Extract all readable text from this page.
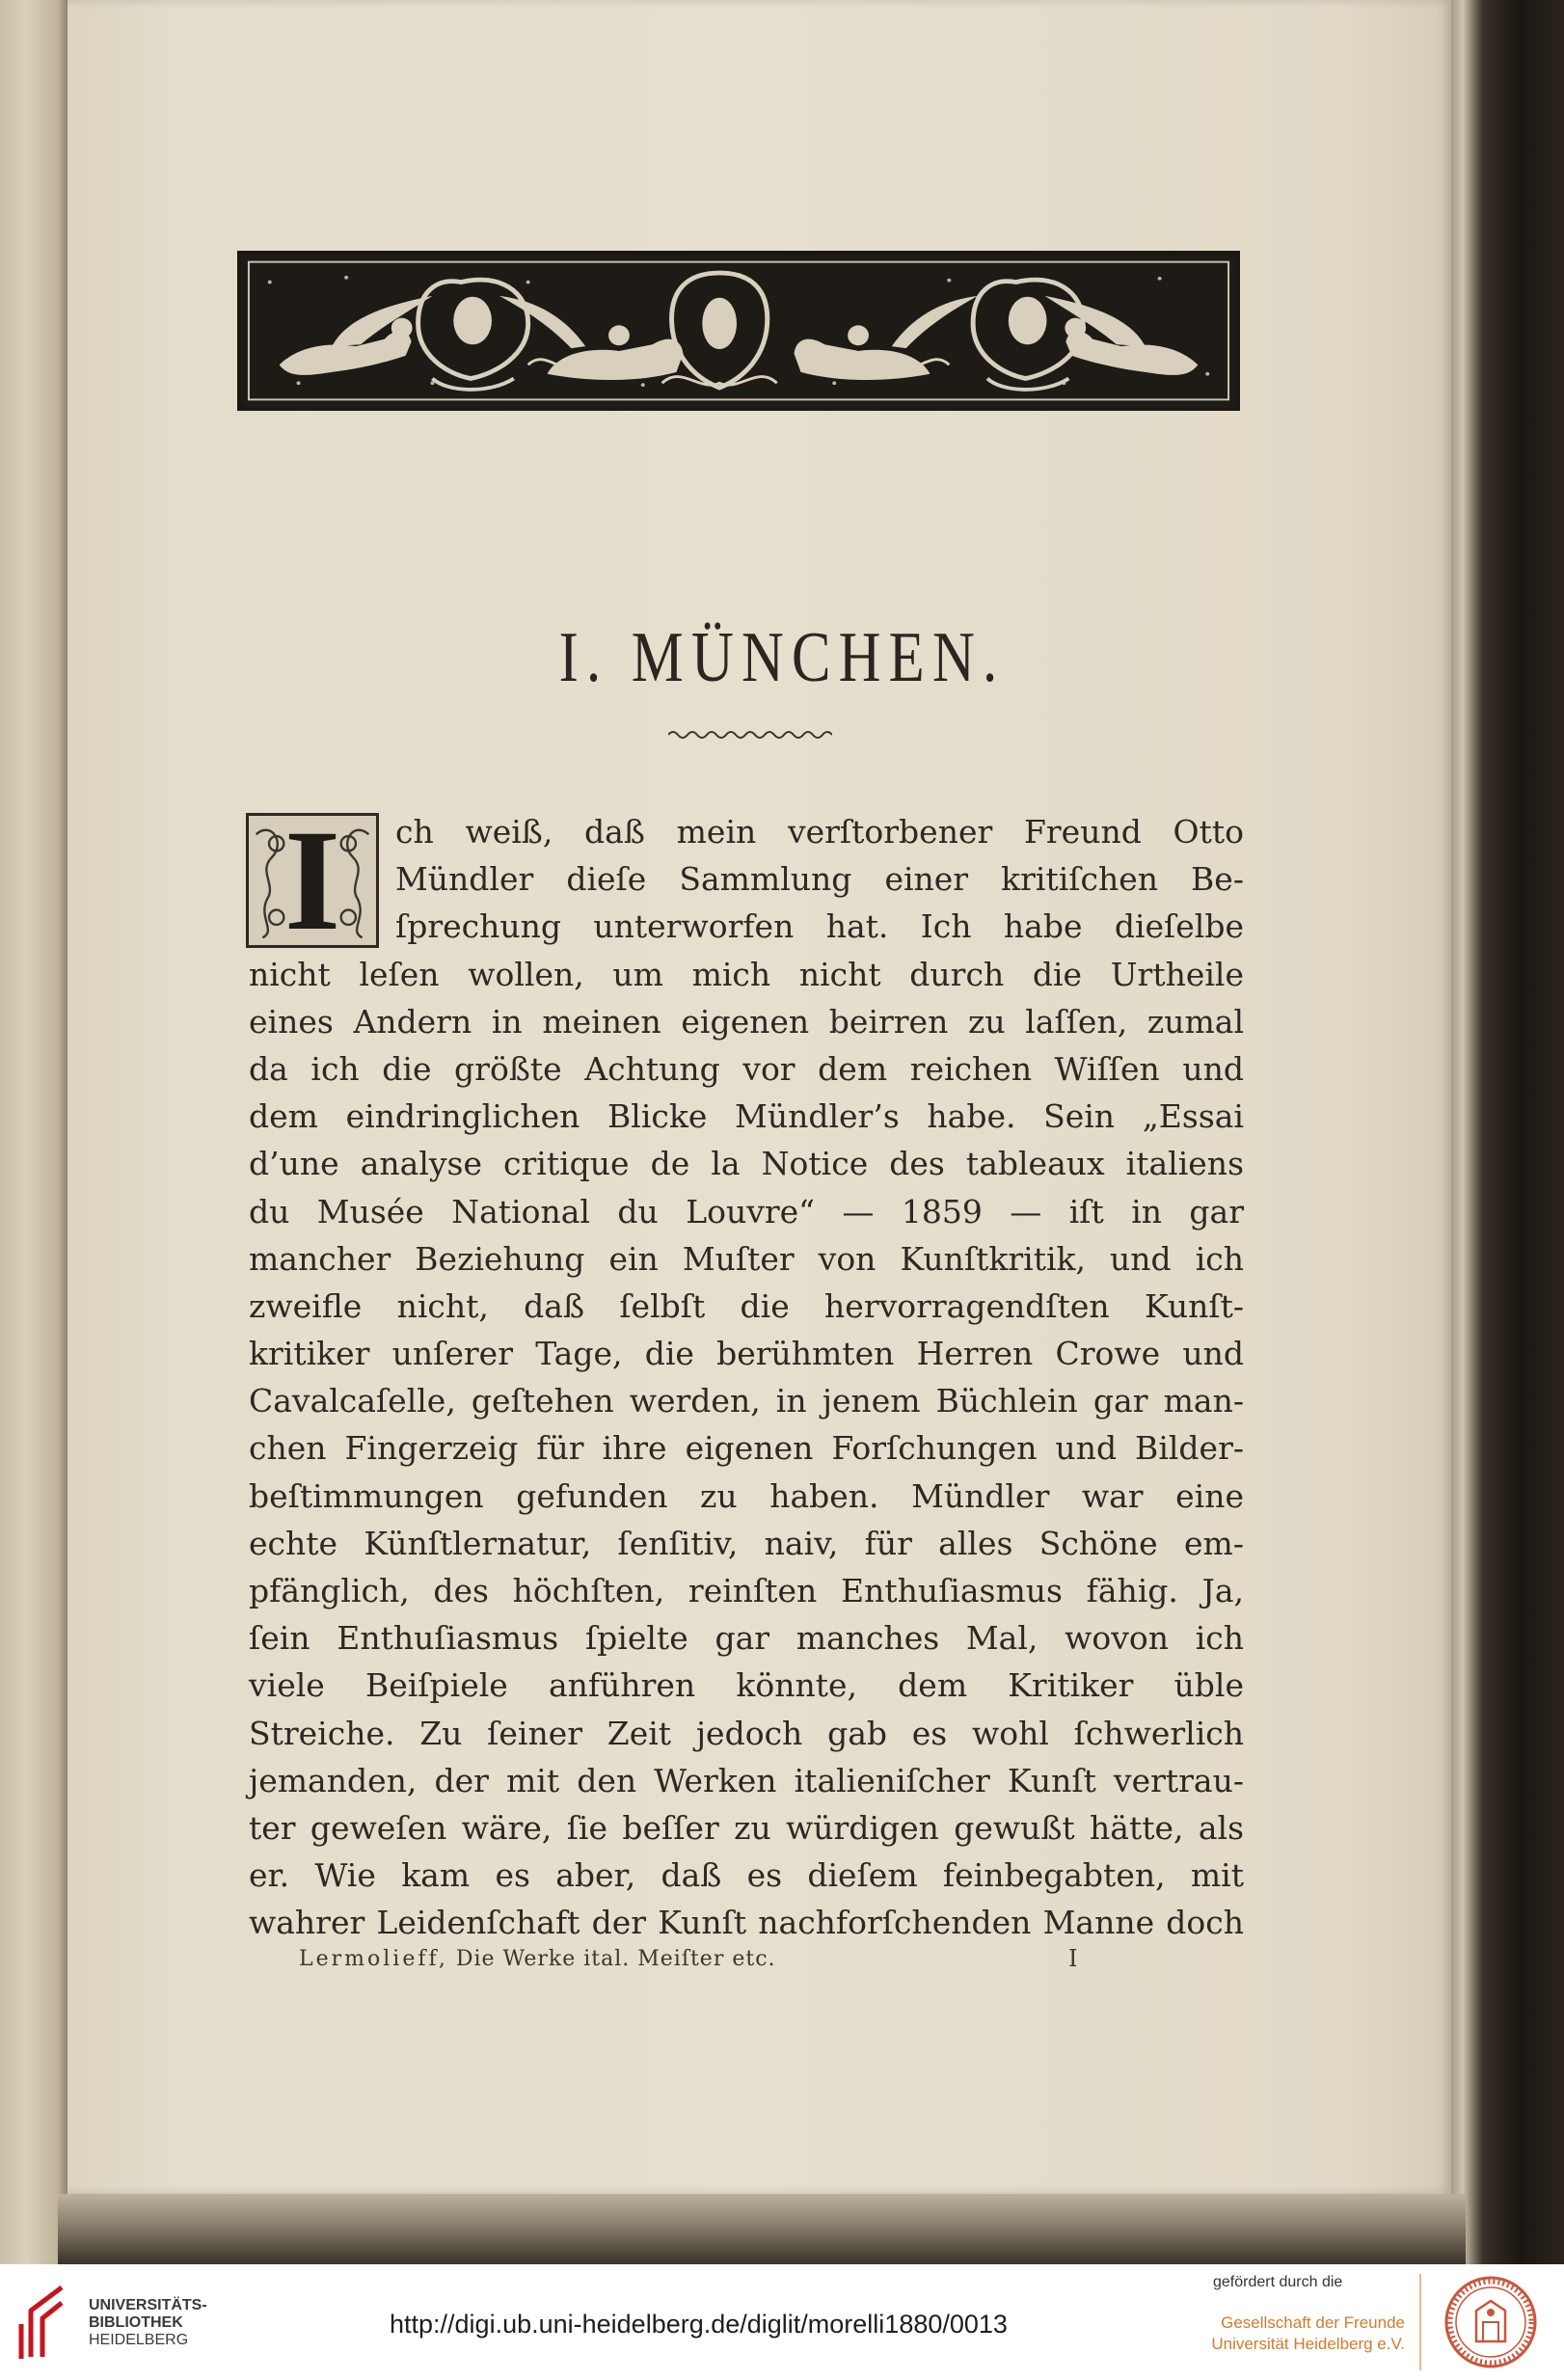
I. MÜNCHEN.
I	ch weiß, daß mein verſtorbener Freund Otto
Mündler dieſe Sammlung einer kritiſchen Be-
ſprechung unterworfen hat. Ich habe dieſelbe
nicht leſen wollen, um mich nicht durch die Urtheile
eines Andern in meinen eigenen beirren zu laſſen, zumal
da ich die größte Achtung vor dem reichen Wiſſen und
dem eindringlichen Blicke Mündler’s habe. Sein „Essai
d’une analyse critique de la Notice des tableaux italiens
du Musée National du Louvre“ — 1859 — iſt in gar
mancher Beziehung ein Muſter von Kunſtkritik, und ich
zweifle nicht, daß ſelbſt die hervorragendſten Kunſt-
kritiker unſerer Tage, die berühmten Herren Crowe und
Cavalcaſelle, geſtehen werden, in jenem Büchlein gar man-
chen Fingerzeig für ihre eigenen Forſchungen und Bilder-
beſtimmungen gefunden zu haben. Mündler war eine
echte Künſtlernatur, ſenſitiv, naiv, für alles Schöne em-
pfänglich, des höchſten, reinſten Enthuſiasmus fähig. Ja,
ſein Enthuſiasmus ſpielte gar manches Mal, wovon ich
viele Beiſpiele anführen könnte, dem Kritiker üble
Streiche. Zu ſeiner Zeit jedoch gab es wohl ſchwerlich
jemanden, der mit den Werken italieniſcher Kunſt vertrau-
ter geweſen wäre, ſie beſſer zu würdigen gewußt hätte, als
er. Wie kam es aber, daß es dieſem feinbegabten, mit
wahrer Leidenſchaft der Kunſt nachforſchenden Manne doch
Lermolieff, Die Werke ital. Meiſter etc.	I
UNIVERSITÄTS-
BIBLIOTHEK
HEIDELBERG
http://digi.ub.uni-heidelberg.de/diglit/morelli1880/0013
gefördert durch die
Gesellschaft der Freunde
Universität Heidelberg e.V.
